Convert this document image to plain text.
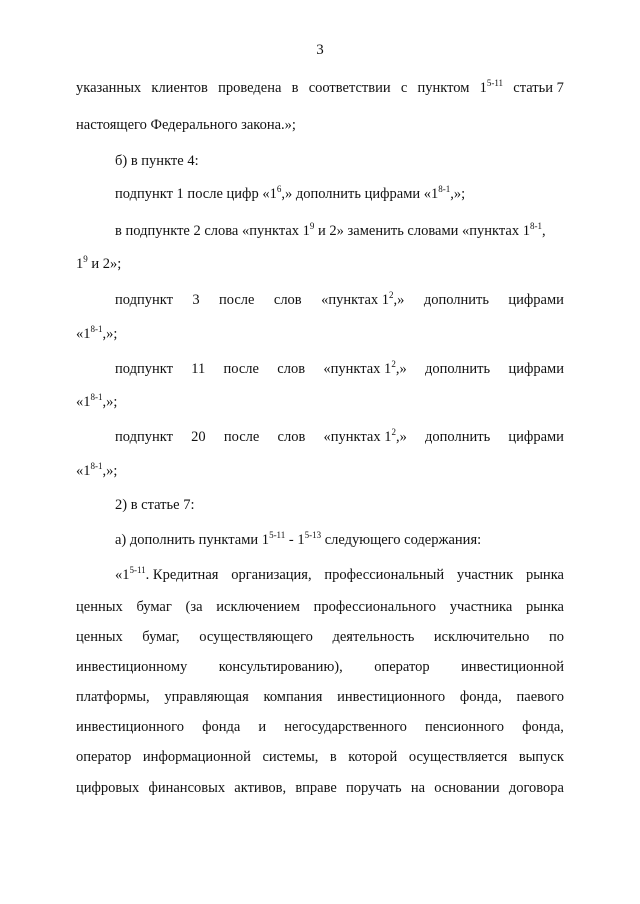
3
указанных клиентов проведена в соответствии с пунктом 1$^{5-11}$ статьи 7
настоящего Федерального закона.»;
б) в пункте 4:
подпункт 1 после цифр «$1^6$,» дополнить цифрами «1$^{8-1}$,»;
в подпункте 2 слова «пунктах $1^9$ и 2» заменить словами «пунктах 1$^{8-1}$,
$1^9$ и 2»;
подпункт 3 после слов «пунктах $1^2$,» дополнить цифрами
«1$^{8-1}$,»;
подпункт 11 после слов «пунктах $1^2$,» дополнить цифрами
«1$^{8-1}$,»;
подпункт 20 после слов «пунктах $1^2$,» дополнить цифрами
«1$^{8-1}$,»;
2) в статье 7:
а) дополнить пунктами 1$^{5-11}$ - 1$^{5-13}$ следующего содержания:
«1$^{5-11}$. Кредитная организация, профессиональный участник рынка
ценных бумаг (за исключением профессионального участника рынка
ценных бумаг, осуществляющего деятельность исключительно по
инвестиционному консультированию), оператор инвестиционной
платформы, управляющая компания инвестиционного фонда, паевого
инвестиционного фонда и негосударственного пенсионного фонда,
оператор информационной системы, в которой осуществляется выпуск
цифровых финансовых активов, вправе поручать на основании договора
